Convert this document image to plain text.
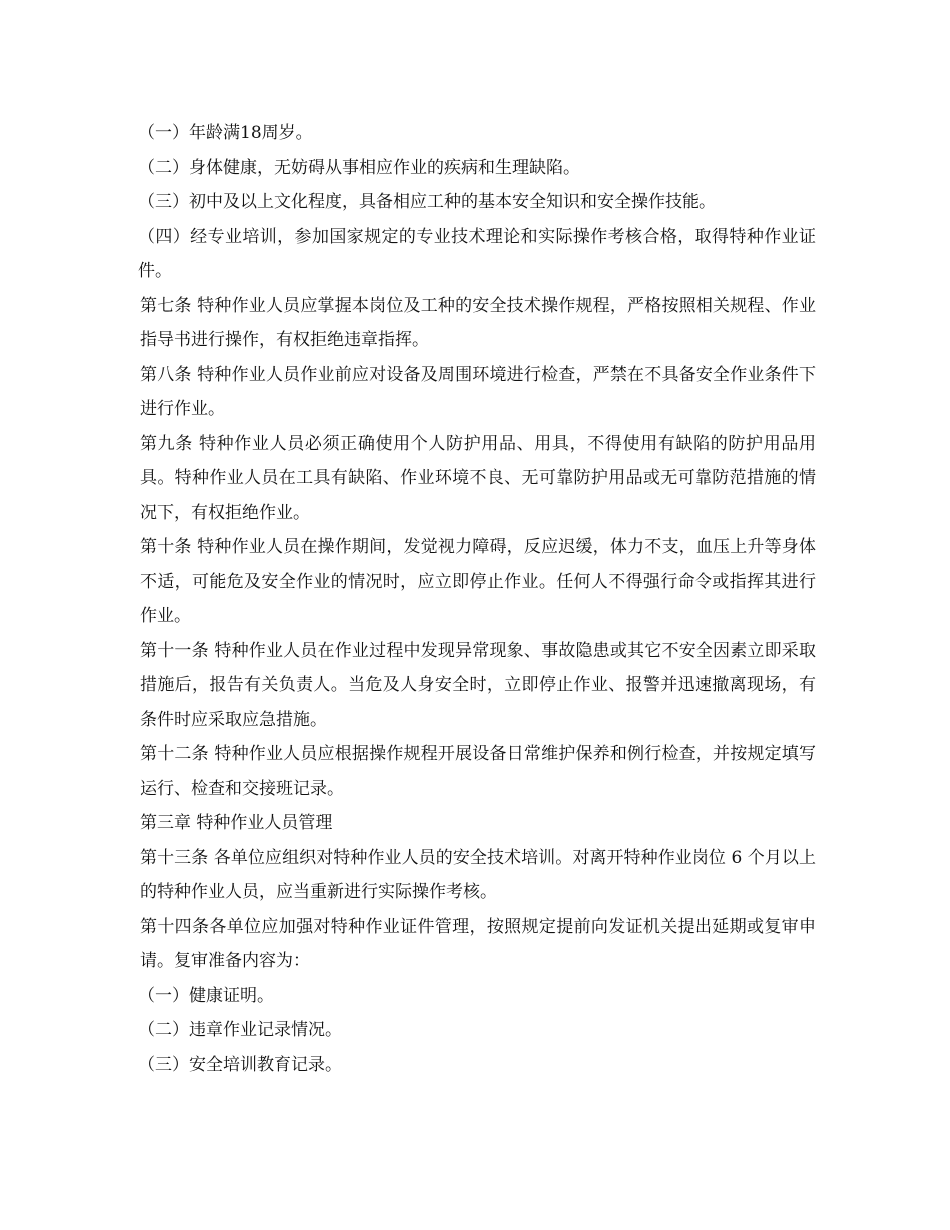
（一）年龄满18周岁。

（二）身体健康，无妨碍从事相应作业的疾病和生理缺陷。

（三）初中及以上文化程度，具备相应工种的基本安全知识和安全操作技能。

（四）经专业培训，参加国家规定的专业技术理论和实际操作考核合格，取得特种作业证件。

第七条 特种作业人员应掌握本岗位及工种的安全技术操作规程，严格按照相关规程、作业指导书进行操作，有权拒绝违章指挥。

第八条 特种作业人员作业前应对设备及周围环境进行检查，严禁在不具备安全作业条件下进行作业。

第九条 特种作业人员必须正确使用个人防护用品、用具，不得使用有缺陷的防护用品用具。特种作业人员在工具有缺陷、作业环境不良、无可靠防护用品或无可靠防范措施的情况下，有权拒绝作业。

第十条 特种作业人员在操作期间，发觉视力障碍，反应迟缓，体力不支，血压上升等身体不适，可能危及安全作业的情况时，应立即停止作业。任何人不得强行命令或指挥其进行作业。

第十一条 特种作业人员在作业过程中发现异常现象、事故隐患或其它不安全因素立即采取措施后，报告有关负责人。当危及人身安全时，立即停止作业、报警并迅速撤离现场，有条件时应采取应急措施。

第十二条 特种作业人员应根据操作规程开展设备日常维护保养和例行检查，并按规定填写运行、检查和交接班记录。

第三章 特种作业人员管理

第十三条 各单位应组织对特种作业人员的安全技术培训。对离开特种作业岗位 6 个月以上的特种作业人员，应当重新进行实际操作考核。

第十四条各单位应加强对特种作业证件管理，按照规定提前向发证机关提出延期或复审申请。复审准备内容为：

（一）健康证明。

（二）违章作业记录情况。

（三）安全培训教育记录。
